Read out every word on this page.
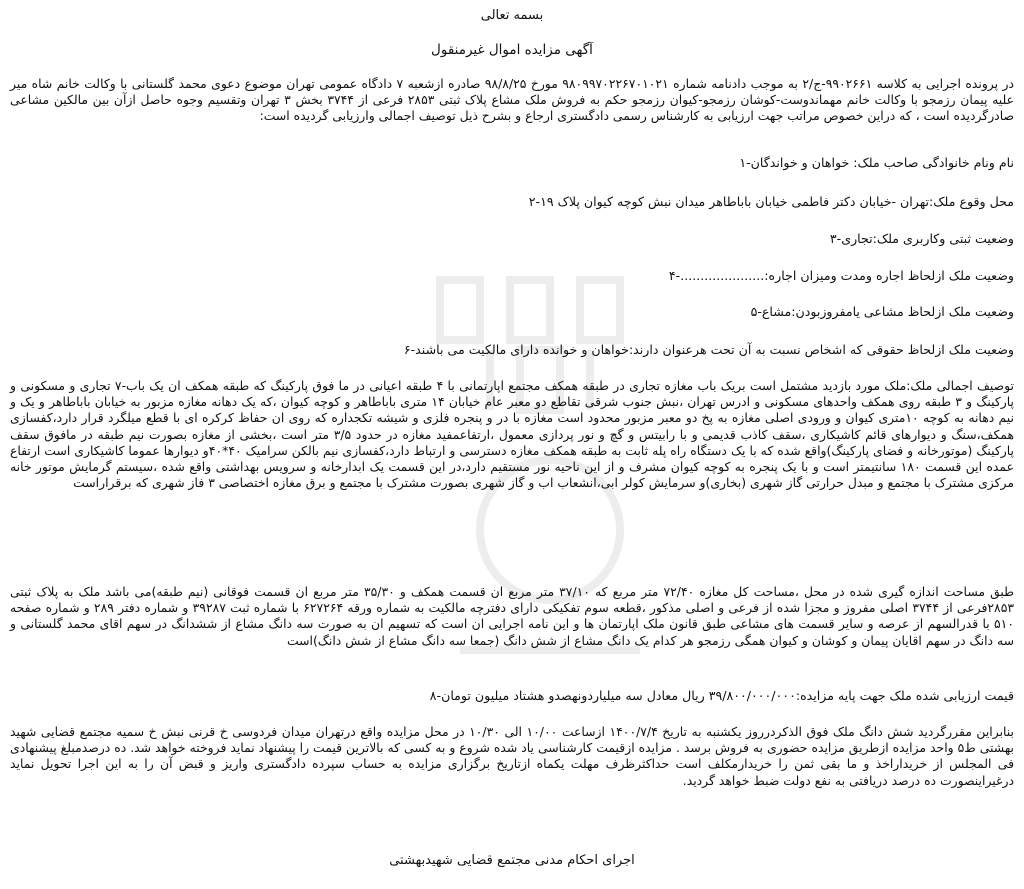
بسمه تعالی
آگهی مزایده اموال غیرمنقول
در پرونده اجرایی به کلاسه ۹۹۰۲۶۶۱-ج/۲ به موجب دادنامه شماره ۹۸۰۹۹۷۰۲۲۶۷۰۱۰۲۱ مورخ ۹۸/۸/۲۵ صادره ازشعبه ۷ دادگاه عمومی تهران موضوع دعوی محمد گلستانی با وکالت خانم شاه میر علیه پیمان رزمجو با وکالت خانم مهماندوست-کوشان رزمجو-کیوان رزمجو حکم به فروش ملک مشاع پلاک ثبتی ۲۸۵۳ فرعی از ۳۷۴۴ بخش ۳ تهران وتقسیم وجوه حاصل ازآن بین مالکین مشاعی صادرگردیده است ، که دراین خصوص مراتب جهت ارزیابی به کارشناس رسمی دادگستری ارجاع و بشرح ذیل توصیف اجمالی وارزیابی گردیده است:
نام ونام خانوادگی صاحب ملک: خواهان و خواندگان-۱
محل وقوع ملک:تهران -خیابان دکتر فاطمی خیابان باباطاهر میدان نبش کوچه کیوان پلاک ۱۹-۲
وضعیت ثبتی وکاربری ملک:تجاری-۳
وضعیت ملک ازلحاظ اجاره ومدت ومیزان اجاره:.....................-۴
وضعیت ملک ازلحاظ مشاعی یامفروزبودن:مشاع-۵
وضعیت ملک ازلحاظ حقوقی که اشخاص نسبت به آن تحت هرعنوان دارند:خواهان و خوانده دارای مالکیت می باشند-۶
توصیف اجمالی ملک:ملک مورد بازدید مشتمل است بریک باب مغازه تجاری در طبقه همکف مجتمع اپارتمانی با ۴ طبقه اعیانی در ما فوق پارکینگ که طبقه همکف ان یک باب-۷ تجاری و مسکونی و پارکینگ و ۳ طبقه روی همکف واحدهای مسکونی و ادرس تهران ،نبش جنوب شرقی تقاطع دو معبر عام خیابان ۱۴ متری باباطاهر و کوچه کیوان ،که یک دهانه مغازه مزبور به خیابان باباطاهر و یک و نیم دهانه به کوچه ۱۰متری کیوان و ورودی اصلی مغازه به پخ دو معبر مزبور محدود است مغازه با در و پنجره فلزی و شیشه تکجداره که روی ان حفاظ کرکره ای با قطع میلگرد قرار دارد،کفسازی همکف،سنگ و دیوارهای قائم کاشیکاری ،سقف کاذب قدیمی و با رابیتس و گچ و نور پردازی معمول ،ارتفاعمفید مغازه در حدود ۳/۵ متر است ،بخشی از مغازه بصورت نیم طبقه در مافوق سقف پارکینگ (موتورخانه و فضای پارکینگ)واقع شده که با یک دستگاه راه پله ثابت به طبقه همکف مغازه دسترسی و ارتباط دارد،کفسازی نیم بالکن سرامیک ۴۰*۴۰و دیوارها عموما کاشیکاری است ارتفاع عمده این قسمت ۱۸۰ سانتیمتر است و با یک پنجره به کوچه کیوان مشرف و از این ناحیه نور مستقیم دارد،در این قسمت یک ابدارخانه و سرویس بهداشتی واقع شده ،سیستم گرمایش موتور خانه مرکزی مشترک با مجتمع و مبدل حرارتی گاز شهری (بخاری)و سرمایش کولر ابی،انشعاب اب و گاز شهری بصورت مشترک با مجتمع و برق مغازه اختصاصی ۳ فاز شهری که برقراراست
طبق مساحت اندازه گیری شده در محل ،مساحت کل مغازه ۷۲/۴۰ متر مربع که ۳۷/۱۰ متر مربع ان قسمت همکف و ۳۵/۳۰ متر مربع ان قسمت فوقانی (نیم طبقه)می باشد ملک به پلاک ثبتی ۲۸۵۳فرعی از ۳۷۴۴ اصلی مفروز و مجزا شده از فرعی و اصلی مذکور ،قطعه سوم تفکیکی دارای دفترچه مالکیت به شماره ورقه ۶۲۷۲۶۴ با شماره ثبت ۳۹۲۸۷ و شماره دفتر ۲۸۹ و شماره صفحه ۵۱۰ با قدرالسهم از عرصه و سایر قسمت های مشاعی طبق قانون ملک اپارتمان ها و این نامه اجرایی ان است که تسهیم ان به صورت سه دانگ مشاع از ششدانگ در سهم اقای محمد گلستانی و سه دانگ در سهم اقایان پیمان و کوشان و کیوان همگی رزمجو هر کدام یک دانگ مشاع از شش دانگ (جمعا سه دانگ مشاع از شش دانگ)است
قیمت ارزیابی شده ملک جهت پایه مزایده:۳۹/۸۰۰/۰۰۰/۰۰۰ ریال معادل سه میلیاردونهصدو هشتاد میلیون تومان-۸
بنابراین مقررگردید شش دانگ ملک فوق الذکردرروز یکشنبه به تاریخ ۱۴۰۰/۷/۴ ازساعت ۱۰/۰۰ الی ۱۰/۳۰ در محل مزایده واقع درتهران میدان فردوسی خ قرنی نبش خ سمیه مجتمع قضایی شهید بهشتی ط۵ واحد مزایده ازطریق مزایده حضوری به فروش برسد . مزایده ازقیمت کارشناسی یاد شده شروع و به کسی که بالاترین قیمت را پیشنهاد نماید فروخته خواهد شد. ده درصدمبلغ پیشنهادی فی المجلس از خریداراخذ و ما بقی ثمن را خریدارمکلف است حداکثرظرف مهلت یکماه ازتاریخ برگزاری مزایده به حساب سپرده دادگستری واریز و قبض آن را به این اجرا تحویل نماید درغیراینصورت ده درصد دریافتی به نفع دولت ضبط خواهد گردید.
اجرای احکام مدنی مجتمع قضایی شهیدبهشتی
